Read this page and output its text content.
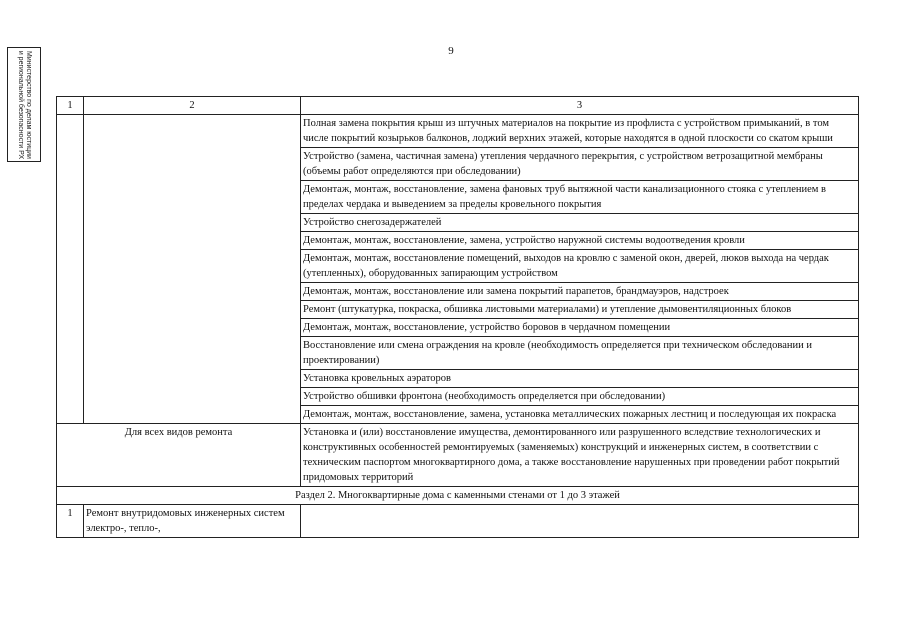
Министерство по делам юстиции и региональной безопасности РХ	9
1	2	3
		Полная замена покрытия крыш из штучных материалов на покрытие из профлиста с устройством примыканий, в том числе покрытий козырьков балконов, лоджий верхних этажей, которые находятся в одной плоскости со скатом крыши
		Устройство (замена, частичная замена) утепления чердачного перекрытия, с устройством ветрозащитной мембраны (объемы работ определяются при обследовании)
		Демонтаж, монтаж, восстановление, замена фановых труб вытяжной части канализационного стояка с утеплением в пределах чердака и выведением за пределы кровельного покрытия
		Устройство снегозадержателей
		Демонтаж, монтаж, восстановление, замена, устройство наружной системы водоотведения кровли
		Демонтаж, монтаж, восстановление помещений, выходов на кровлю с заменой окон, дверей, люков выхода на чердак (утепленных), оборудованных запирающим устройством
		Демонтаж, монтаж, восстановление или замена покрытий парапетов, брандмауэров, надстроек
		Ремонт (штукатурка, покраска, обшивка листовыми материалами) и утепление дымовентиляционных блоков
		Демонтаж, монтаж, восстановление, устройство боровов в чердачном помещении
		Восстановление или смена ограждения на кровле (необходимость определяется при техническом обследовании и проектировании)
		Установка кровельных аэраторов
		Устройство обшивки фронтона (необходимость определяется при обследовании)
		Демонтаж, монтаж, восстановление, замена, установка металлических пожарных лестниц и последующая их покраска
Для всех видов ремонта		Установка и (или) восстановление имущества, демонтированного или разрушенного вследствие технологических и конструктивных особенностей ремонтируемых (заменяемых) конструкций и инженерных систем, в соответствии с техническим паспортом многоквартирного дома, а также восстановление нарушенных при проведении работ покрытий придомовых территорий
Раздел 2. Многоквартирные дома с каменными стенами от 1 до 3 этажей		
1	Ремонт внутридомовых инженерных систем электро-, тепло-,	
